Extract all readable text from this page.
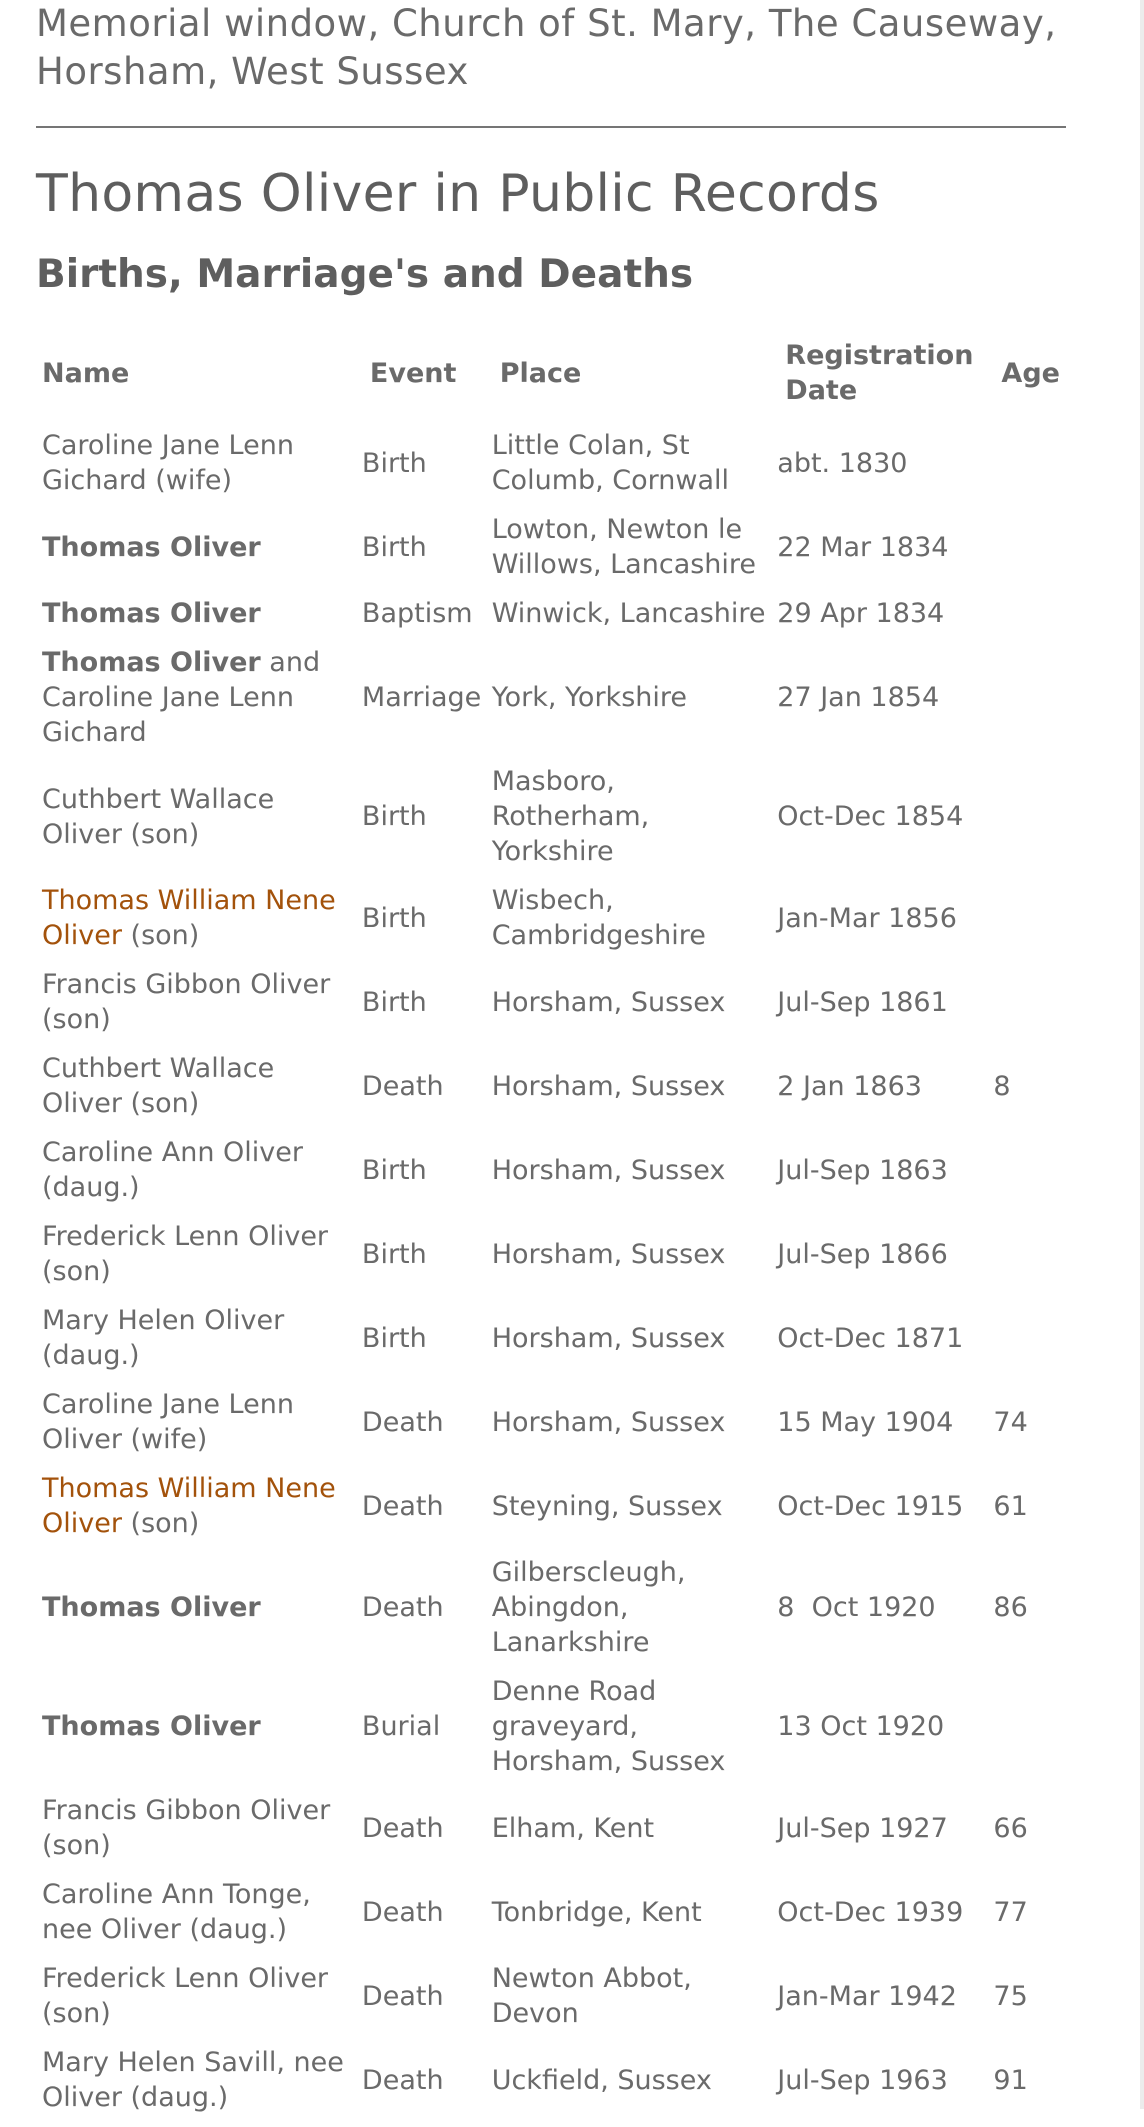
Memorial window, Church of St. Mary, The Causeway, Horsham, West Sussex

Thomas Oliver in Public Records
Births, Marriage's and Deaths
Name	Event	Place	Registration Date	Age
Caroline Jane Lenn Gichard (wife)	Birth	Little Colan, St Columb, Cornwall	abt. 1830	
Thomas Oliver	Birth	Lowton, Newton le Willows, Lancashire	22 Mar 1834	
Thomas Oliver	Baptism	Winwick, Lancashire	29 Apr 1834	
Thomas Oliver and Caroline Jane Lenn Gichard	Marriage	York, Yorkshire	27 Jan 1854	
Cuthbert Wallace Oliver (son)	Birth	Masboro, Rotherham, Yorkshire	Oct-Dec 1854	
Thomas William Nene Oliver (son)	Birth	Wisbech, Cambridgeshire	Jan-Mar 1856	
Francis Gibbon Oliver (son)	Birth	Horsham, Sussex	Jul-Sep 1861	
Cuthbert Wallace Oliver (son)	Death	Horsham, Sussex	2 Jan 1863	8
Caroline Ann Oliver (daug.)	Birth	Horsham, Sussex	Jul-Sep 1863	
Frederick Lenn Oliver (son)	Birth	Horsham, Sussex	Jul-Sep 1866	
Mary Helen Oliver (daug.)	Birth	Horsham, Sussex	Oct-Dec 1871	
Caroline Jane Lenn Oliver (wife)	Death	Horsham, Sussex	15 May 1904	74
Thomas William Nene Oliver (son)	Death	Steyning, Sussex	Oct-Dec 1915	61
Thomas Oliver	Death	Gilberscleugh, Abingdon, Lanarkshire	8  Oct 1920	86
Thomas Oliver	Burial	Denne Road graveyard, Horsham, Sussex	13 Oct 1920	
Francis Gibbon Oliver (son)	Death	Elham, Kent	Jul-Sep 1927	66
Caroline Ann Tonge, nee Oliver (daug.)	Death	Tonbridge, Kent	Oct-Dec 1939	77
Frederick Lenn Oliver (son)	Death	Newton Abbot, Devon	Jan-Mar 1942	75
Mary Helen Savill, nee Oliver (daug.)	Death	Uckfield, Sussex	Jul-Sep 1963	91
